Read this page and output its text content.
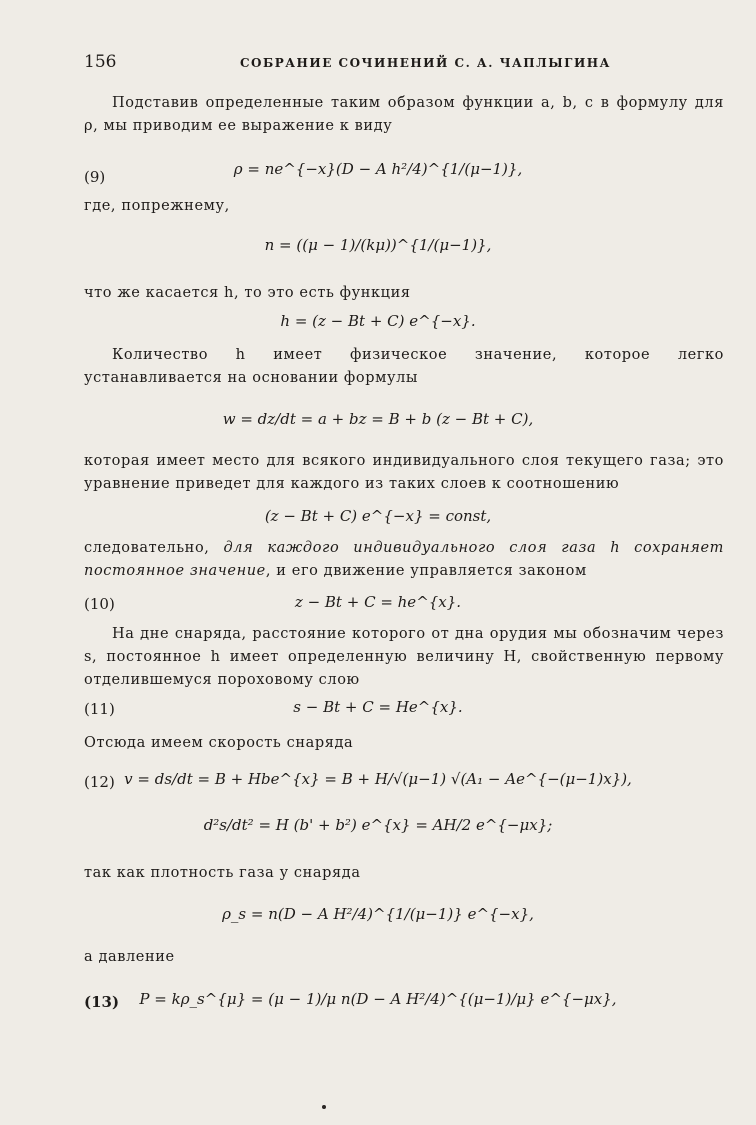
156	СОБРАНИЕ СОЧИНЕНИЙ С. А. ЧАПЛЫГИНА
Подставив определенные таким образом функции a, b, c в формулу для ρ, мы приводим ее выражение к виду
(9)	ρ = ne^{−x}(D − A h²/4)^{1/(μ−1)},
где, попрежнему,
n = ((μ − 1)/(kμ))^{1/(μ−1)},
что же касается h, то это есть функция
h = (z − Bt + C) e^{−x}.
Количество h имеет физическое значение, которое легко устанавливается на основании формулы
w = dz/dt = a + bz = B + b (z − Bt + C),
которая имеет место для всякого индивидуального слоя текущего газа; это уравнение приведет для каждого из таких слоев к соотношению
(z − Bt + C) e^{−x} = const,
следовательно, для каждого индивидуального слоя газа h сохраняет постоянное значение, и его движение управляется законом
(10)	z − Bt + C = he^{x}.
На дне снаряда, расстояние которого от дна орудия мы обозначим через s, постоянное h имеет определенную величину H, свойственную первому отделившемуся пороховому слою
(11)	s − Bt + C = He^{x}.
Отсюда имеем скорость снаряда
(12) v = ds/dt = B + Hbe^{x} = B + H/√(μ−1) √(A₁ − Ae^{−(μ−1)x}),
d²s/dt² = H (b' + b²) e^{x} = AH/2 e^{−μx};
так как плотность газа у снаряда
ρ_s = n(D − A H²/4)^{1/(μ−1)} e^{−x},
а давление
(13)	P = kρ_s^{μ} = (μ − 1)/μ n(D − A H²/4)^{(μ−1)/μ} e^{−μx},
